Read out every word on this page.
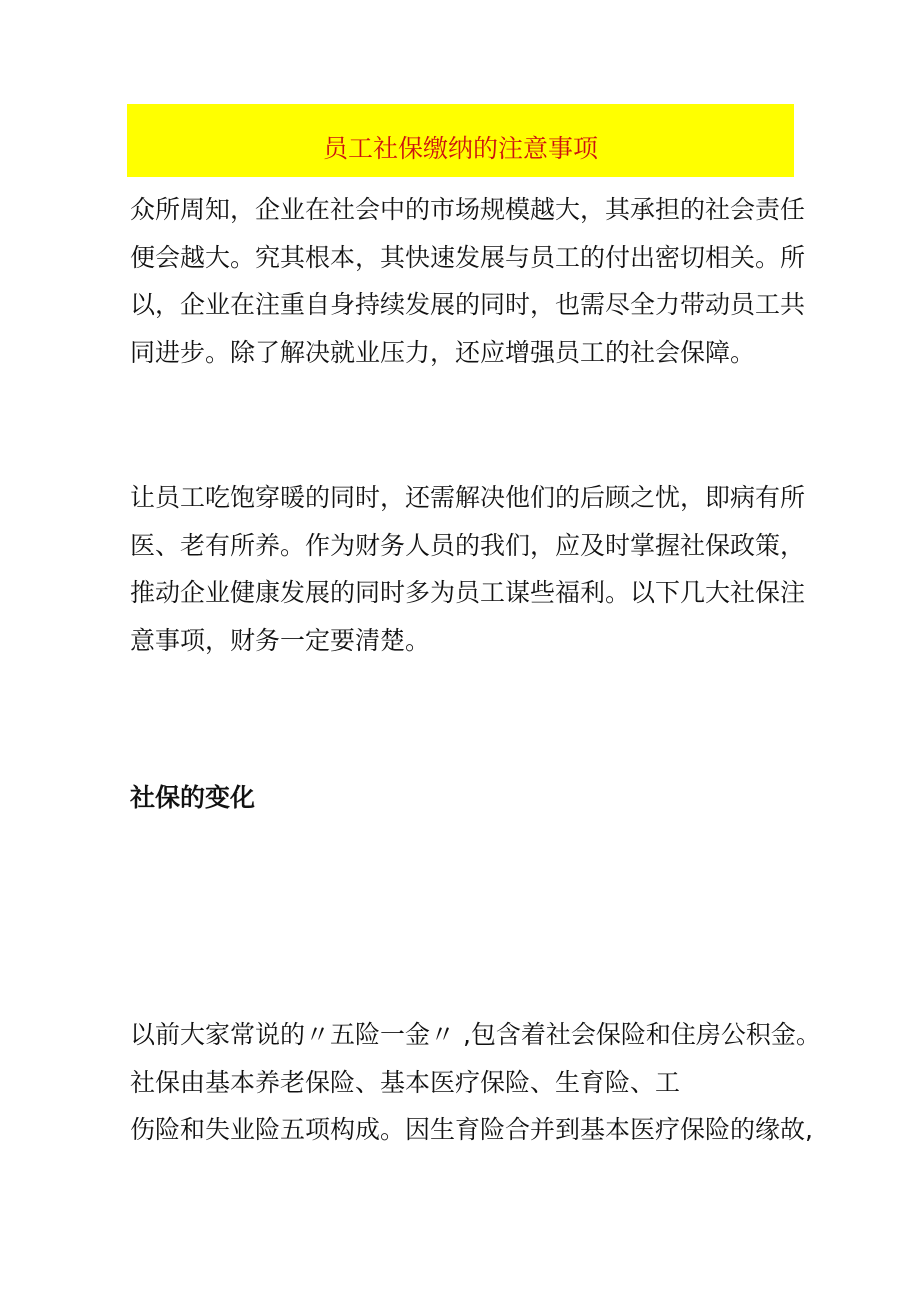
员工社保缴纳的注意事项
众所周知，企业在社会中的市场规模越大，其承担的社会责任
便会越大。究其根本，其快速发展与员工的付出密切相关。所
以，企业在注重自身持续发展的同时，也需尽全力带动员工共
同进步。除了解决就业压力，还应增强员工的社会保障。
让员工吃饱穿暖的同时，还需解决他们的后顾之忧，即病有所
医、老有所养。作为财务人员的我们，应及时掌握社保政策，
推动企业健康发展的同时多为员工谋些福利。以下几大社保注
意事项，财务一定要清楚。
社保的变化
以前大家常说的〃五险一金〃 ,包含着社会保险和住房公积金。
社保由基本养老保险、基本医疗保险、生育险、工
伤险和失业险五项构成。因生育险合并到基本医疗保险的缘故,
